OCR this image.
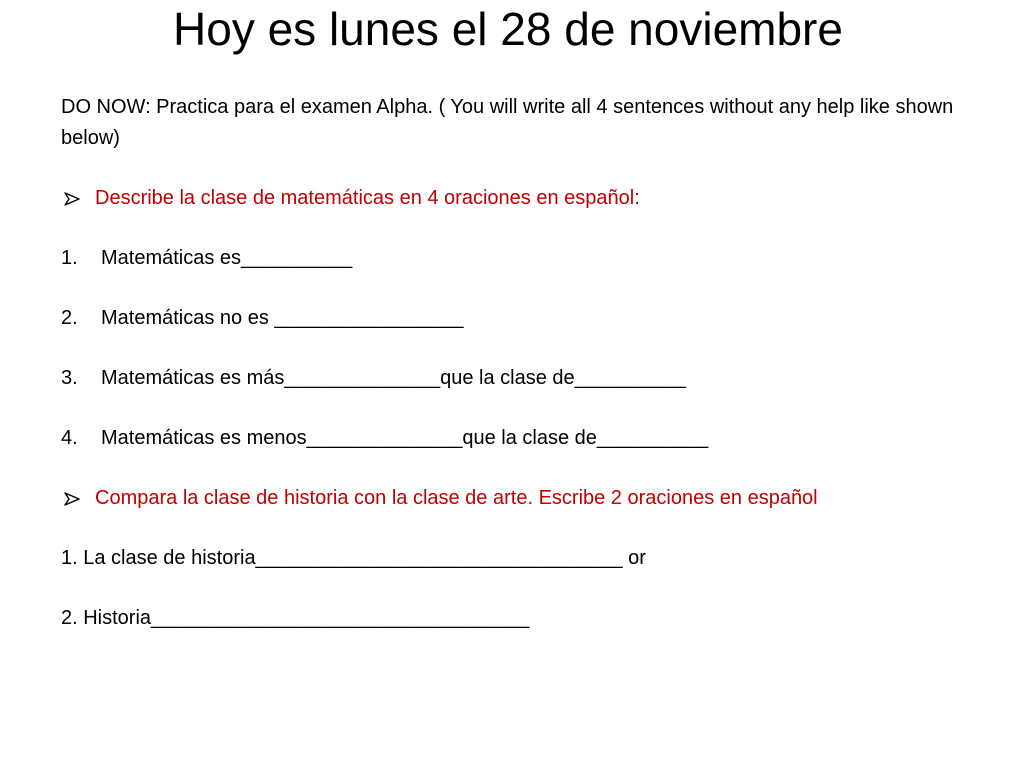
Hoy es lunes el 28 de noviembre

DO NOW: Practica para el examen Alpha. ( You will write all 4 sentences without any help like shown below)

Describe la clase de matemáticas en 4 oraciones en español:
1.	Matemáticas es__________
2.	Matemáticas no es _________________
3.	Matemáticas es más______________que la clase de__________
4.	Matemáticas es menos______________que la clase de__________
Compara la clase de historia con la clase de arte. Escribe 2 oraciones en español

1. La clase de historia_________________________________ or

2. Historia__________________________________
